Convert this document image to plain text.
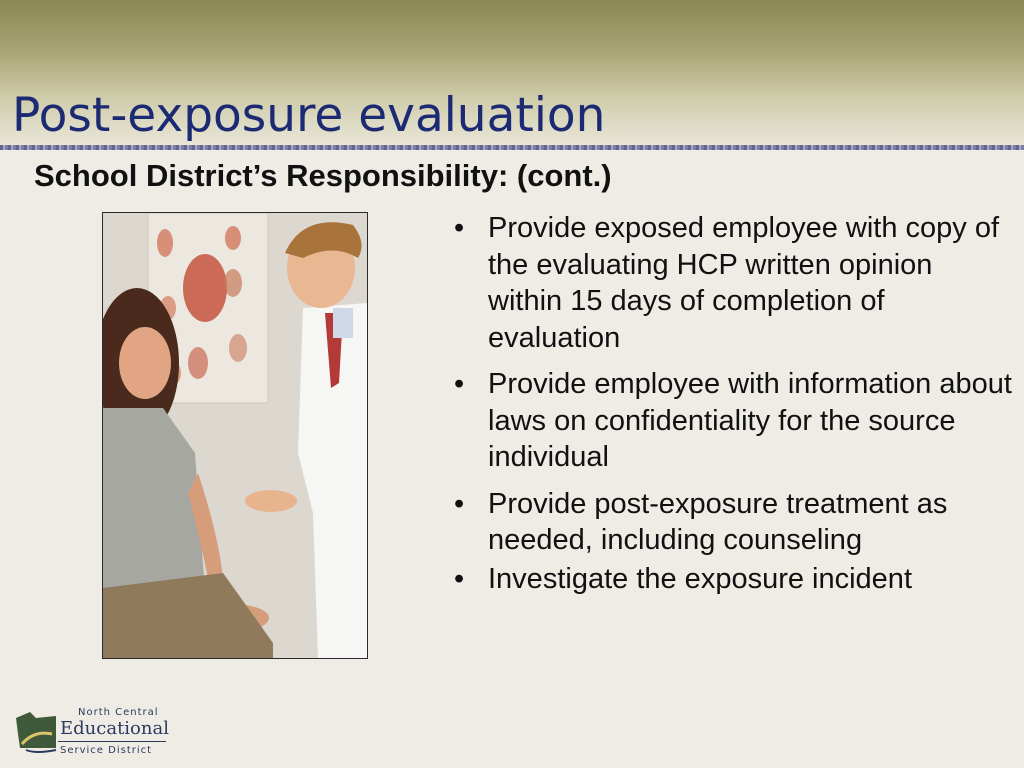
Post-exposure evaluation
School District’s Responsibility: (cont.)
• Provide exposed employee with copy of the evaluating HCP written opinion within 15 days of completion of evaluation
• Provide employee with information about laws on confidentiality for the source individual
• Provide post-exposure treatment as needed, including counseling
• Investigate the exposure incident
North Central
Educational
Service District
